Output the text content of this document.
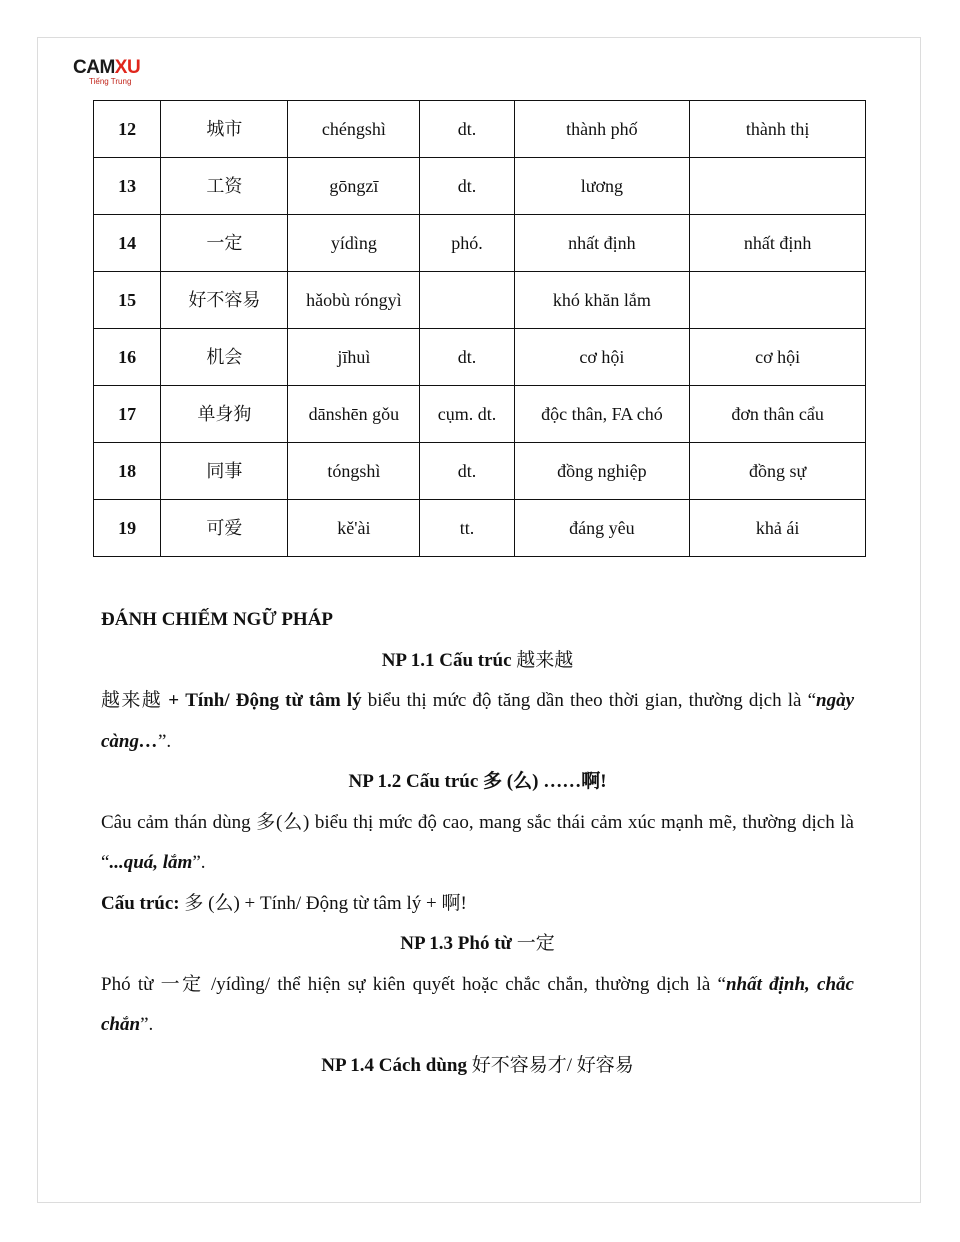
CAMXU
Tiếng Trung
12	城市	chéngshì	dt.	thành phố	thành thị
13	工资	gōngzī	dt.	lương	
14	一定	yídìng	phó.	nhất định	nhất định
15	好不容易	hǎobù róngyì		khó khăn lắm	
16	机会	jīhuì	dt.	cơ hội	cơ hội
17	单身狗	dānshēn gǒu	cụm. dt.	độc thân, FA chó	đơn thân cẩu
18	同事	tóngshì	dt.	đồng nghiệp	đồng sự
19	可爱	kě'ài	tt.	đáng yêu	khả ái

ĐÁNH CHIẾM NGỮ PHÁP

NP 1.1 Cấu trúc 越来越

越来越 + Tính/ Động từ tâm lý biểu thị mức độ tăng dần theo thời gian, thường dịch là “ngày càng…”.

NP 1.2 Cấu trúc 多 (么) ……啊!

Câu cảm thán dùng 多(么) biểu thị mức độ cao, mang sắc thái cảm xúc mạnh mẽ, thường dịch là “...quá, lắm”.

Cấu trúc: 多 (么) + Tính/ Động từ tâm lý + 啊!

NP 1.3 Phó từ 一定

Phó từ 一定 /yídìng/ thể hiện sự kiên quyết hoặc chắc chắn, thường dịch là “nhất định, chắc chắn”.

NP 1.4 Cách dùng 好不容易才/ 好容易
